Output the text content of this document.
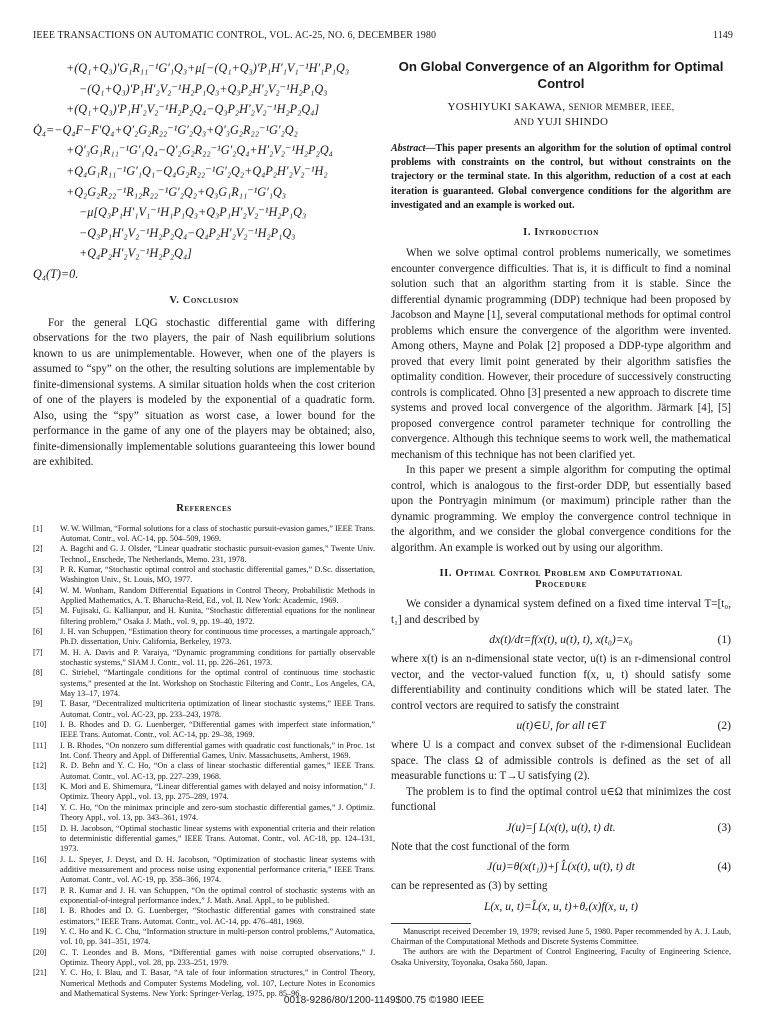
IEEE TRANSACTIONS ON AUTOMATIC CONTROL, VOL. AC-25, NO. 6, DECEMBER 1980	1149
+(Q₁+Q₃)′G₁R₁₁⁻¹G′₁Q₃+μ[−(Q₁+Q₃)′P₁H′₁V₁⁻¹H′₁P₁Q₃
−(Q₁+Q₃)′P₁H′₂V₂⁻¹H₂P₁Q₃+Q₃P₂H′₂V₂⁻¹H₂P₁Q₃
+(Q₁+Q₃)′P₁H′₂V₂⁻¹H₂P₂Q₄−Q₃P₂H′₂V₂⁻¹H₂P₂Q₄]
Q̇₄=−Q₄F−F′Q₄+Q′₂G₂R₂₂⁻¹G′₂Q₃+Q′₃G₂R₂₂⁻¹G′₂Q₂
+Q′₃G₁R₁₁⁻¹G′₁Q₄−Q′₂G₂R₂₂⁻¹G′₂Q₄+H′₂V₂⁻¹H₂P₂Q₄
+Q₄G₁R₁₁⁻¹G′₁Q₁−Q₄G₂R₂₂⁻¹G′₂Q₂+Q₄P₂H′₂V₂⁻¹H₂
+Q₂G₂R₂₂⁻¹R₁₂R₂₂⁻¹G′₂Q₂+Q₃G₁R₁₁⁻¹G′₁Q₃
−μ[Q₃P₁H′₁V₁⁻¹H₁P₁Q₃+Q₃P₁H′₂V₂⁻¹H₂P₁Q₃
−Q₃P₁H′₂V₂⁻¹H₂P₂Q₄−Q₄P₂H′₂V₂⁻¹H₂P₁Q₃
+Q₄P₂H′₂V₂⁻¹H₂P₂Q₄]
Q₄(T)=0.
V. Conclusion

For the general LQG stochastic differential game with differing observations for the two players, the pair of Nash equilibrium solutions known to us are unimplementable. However, when one of the players is assumed to “spy” on the other, the resulting solutions are implementable by finite-dimensional systems. A similar situation holds when the cost criterion of one of the players is modeled by the exponential of a quadratic form. Also, using the “spy” situation as worst case, a lower bound for the performance in the game of any one of the players may be obtained; also, finite-dimensionally implementable solutions guaranteeing this lower bound are exhibited.

References
[1] W. W. Willman, “Formal solutions for a class of stochastic pursuit-evasion games,” IEEE Trans. Automat. Contr., vol. AC-14, pp. 504–509, 1969.
[2] A. Bagchi and G. J. Olsder, “Linear quadratic stochastic pursuit-evasion games,” Twente Univ. Technol., Enschede, The Netherlands, Memo. 231, 1978.
[3] P. R. Kumar, “Stochastic optimal control and stochastic differential games,” D.Sc. dissertation, Washington Univ., St. Louis, MO, 1977.
[4] W. M. Wonham, Random Differential Equations in Control Theory, Probabilistic Methods in Applied Mathematics, A. T. Bharucha-Reid, Ed., vol. II. New York: Academic, 1969.
[5] M. Fujisaki, G. Kallianpur, and H. Kunita, “Stochastic differential equations for the nonlinear filtering problem,” Osaka J. Math., vol. 9, pp. 19–40, 1972.
[6] J. H. van Schuppen, “Estimation theory for continuous time processes, a martingale approach,” Ph.D. dissertation, Univ. California, Berkeley, 1973.
[7] M. H. A. Davis and P. Varaiya, “Dynamic programming conditions for partially observable stochastic systems,” SIAM J. Contr., vol. 11, pp. 226–261, 1973.
[8] C. Striebel, “Martingale conditions for the optimal control of continuous time stochastic systems,” presented at the Int. Workshop on Stochastic Filtering and Contr., Los Angeles, CA, May 13–17, 1974.
[9] T. Basar, “Decentralized multicriteria optimization of linear stochastic systems,” IEEE Trans. Automat. Contr., vol. AC-23, pp. 233–243, 1978.
[10] I. B. Rhodes and D. G. Luenberger, “Differential games with imperfect state information,” IEEE Trans. Automat. Contr., vol. AC-14, pp. 29–38, 1969.
[11] I. B. Rhodes, “On nonzero sum differential games with quadratic cost functionals,” in Proc. 1st Int. Conf. Theory and Appl. of Differential Games, Univ. Massachusetts, Amherst, 1969.
[12] R. D. Behn and Y. C. Ho, “On a class of linear stochastic differential games,” IEEE Trans. Automat. Contr., vol. AC-13, pp. 227–239, 1968.
[13] K. Mori and E. Shimemura, “Linear differential games with delayed and noisy information,” J. Optimiz. Theory Appl., vol. 13, pp. 275–289, 1974.
[14] Y. C. Ho, “On the minimax principle and zero-sum stochastic differential games,” J. Optimiz. Theory Appl., vol. 13, pp. 343–361, 1974.
[15] D. H. Jacobson, “Optimal stochastic linear systems with exponential criteria and their relation to deterministic differential games,” IEEE Trans. Automat. Contr., vol. AC-18, pp. 124–131, 1973.
[16] J. L. Speyer, J. Deyst, and D. H. Jacobson, “Optimization of stochastic linear systems with additive measurement and process noise using exponential performance criteria,” IEEE Trans. Automat. Contr., vol. AC-19, pp. 358–366, 1974.
[17] P. R. Kumar and J. H. van Schuppen, “On the optimal control of stochastic systems with an exponential-of-integral performance index,” J. Math. Anal. Appl., to be published.
[18] I. B. Rhodes and D. G. Luenberger, “Stochastic differential games with constrained state estimators,” IEEE Trans. Automat. Contr., vol. AC-14, pp. 476–481, 1969.
[19] Y. C. Ho and K. C. Chu, “Information structure in multi-person control problems,” Automatica, vol. 10, pp. 341–351, 1974.
[20] C. T. Leondes and B. Mons, “Differential games with noise corrupted observations,” J. Optimiz. Theory Appl., vol. 28, pp. 233–251, 1979.
[21] Y. C. Ho, I. Blau, and T. Basar, “A tale of four information structures,” in Control Theory, Numerical Methods and Computer Systems Modeling, vol. 107, Lecture Notes in Economics and Mathematical Systems. New York: Springer-Verlag, 1975, pp. 85–96.
On Global Convergence of an Algorithm for Optimal Control

YOSHIYUKI SAKAWA, SENIOR MEMBER, IEEE,

AND YUJI SHINDO

Abstract—This paper presents an algorithm for the solution of optimal control problems with constraints on the control, but without constraints on the trajectory or the terminal state. In this algorithm, reduction of a cost at each iteration is guaranteed. Global convergence conditions for the algorithm are investigated and an example is worked out.

I. Introduction

When we solve optimal control problems numerically, we sometimes encounter convergence difficulties. That is, it is difficult to find a nominal solution such that an algorithm starting from it is stable. Since the differential dynamic programming (DDP) technique had been proposed by Jacobson and Mayne [1], several computational methods for optimal control problems which ensure the convergence of the algorithm were invented. Among others, Mayne and Polak [2] proposed a DDP-type algorithm and proved that every limit point generated by their algorithm satisfies the optimality condition. However, their procedure of successively constructing controls is complicated. Ohno [3] presented a new approach to discrete time systems and proved local convergence of the algorithm. Järmark [4], [5] proposed convergence control parameter technique for controlling the convergence. Although this technique seems to work well, the mathematical mechanism of this technique has not been clarified yet.

In this paper we present a simple algorithm for computing the optimal control, which is analogous to the first-order DDP, but essentially based upon the Pontryagin minimum (or maximum) principle rather than the dynamic programming. We employ the convergence control technique in the algorithm, and we consider the global convergence conditions for the algorithm. An example is worked out by using our algorithm.

II. Optimal Control Problem and Computational
Procedure

We consider a dynamical system defined on a fixed time interval T=[t₀, t₁] and described by

dx(t)/dt=f(x(t), u(t), t), x(t₀)=x₀	(1)

where x(t) is an n-dimensional state vector, u(t) is an r-dimensional control vector, and the vector-valued function f(x, u, t) should satisfy some differentiability and continuity conditions which will be stated later. The control vectors are required to satisfy the constraint

u(t)∈U, for all t∈T	(2)

where U is a compact and convex subset of the r-dimensional Euclidean space. The class Ω of admissible controls is defined as the set of all measurable functions u: T→U satisfying (2).

The problem is to find the optimal control u∈Ω that minimizes the cost functional

J(u)=∫ L(x(t), u(t), t) dt.	(3)

Note that the cost functional of the form

J(u)=θ(x(t₁))+∫ L̂(x(t), u(t), t) dt	(4)

can be represented as (3) by setting

L(x, u, t)=L̂(x, u, t)+θₓ(x)f(x, u, t)

Manuscript received December 19, 1979; revised June 5, 1980. Paper recommended by A. J. Laub, Chairman of the Computational Methods and Discrete Systems Committee.

The authors are with the Department of Control Engineering, Faculty of Engineering Science, Osaka University, Toyonaka, Osaka 560, Japan.

0018-9286/80/1200-1149$00.75 ©1980 IEEE
